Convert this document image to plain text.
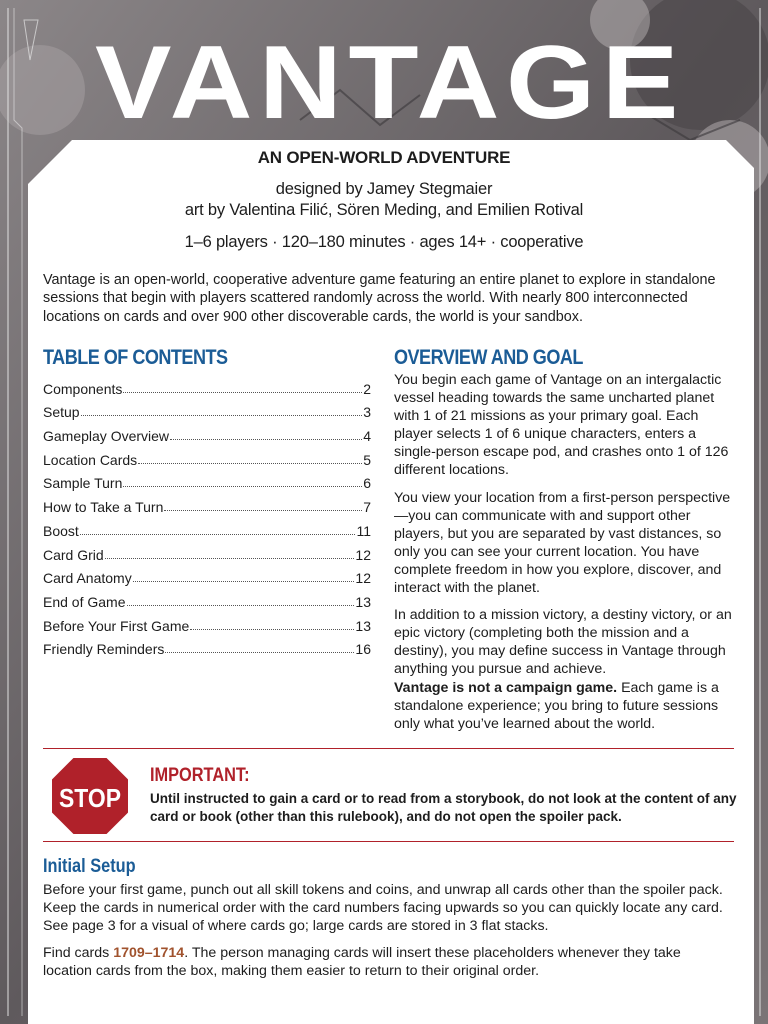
VANTAGE
AN OPEN-WORLD ADVENTURE
designed by Jamey Stegmaier
art by Valentina Filić, Sören Meding, and Emilien Rotival
1–6 players · 120–180 minutes · ages 14+ · cooperative
Vantage is an open-world, cooperative adventure game featuring an entire planet to explore in standalone sessions that begin with players scattered randomly across the world. With nearly 800 interconnected locations on cards and over 900 other discoverable cards, the world is your sandbox.
TABLE OF CONTENTS
Components	2
Setup	3
Gameplay Overview	4
Location Cards	5
Sample Turn	6
How to Take a Turn	7
Boost	11
Card Grid	12
Card Anatomy	12
End of Game	13
Before Your First Game	13
Friendly Reminders	16
OVERVIEW AND GOAL

You begin each game of Vantage on an intergalactic vessel heading towards the same uncharted planet with 1 of 21 missions as your primary goal. Each player selects 1 of 6 unique characters, enters a single-person escape pod, and crashes onto 1 of 126 different locations.

You view your location from a first-person perspective—you can communicate with and support other players, but you are separated by vast distances, so only you can see your current location. You have complete freedom in how you explore, discover, and interact with the planet.

In addition to a mission victory, a destiny victory, or an epic victory (completing both the mission and a destiny), you may define success in Vantage through anything you pursue and achieve.
Vantage is not a campaign game. Each game is a standalone experience; you bring to future sessions only what you’ve learned about the world.
STOP
IMPORTANT:
Until instructed to gain a card or to read from a storybook, do not look at the content of any card or book (other than this rulebook), and do not open the spoiler pack.
Initial Setup

Before your first game, punch out all skill tokens and coins, and unwrap all cards other than the spoiler pack. Keep the cards in numerical order with the card numbers facing upwards so you can quickly locate any card. See page 3 for a visual of where cards go; large cards are stored in 3 flat stacks.

Find cards 1709–1714. The person managing cards will insert these placeholders whenever they take location cards from the box, making them easier to return to their original order.
